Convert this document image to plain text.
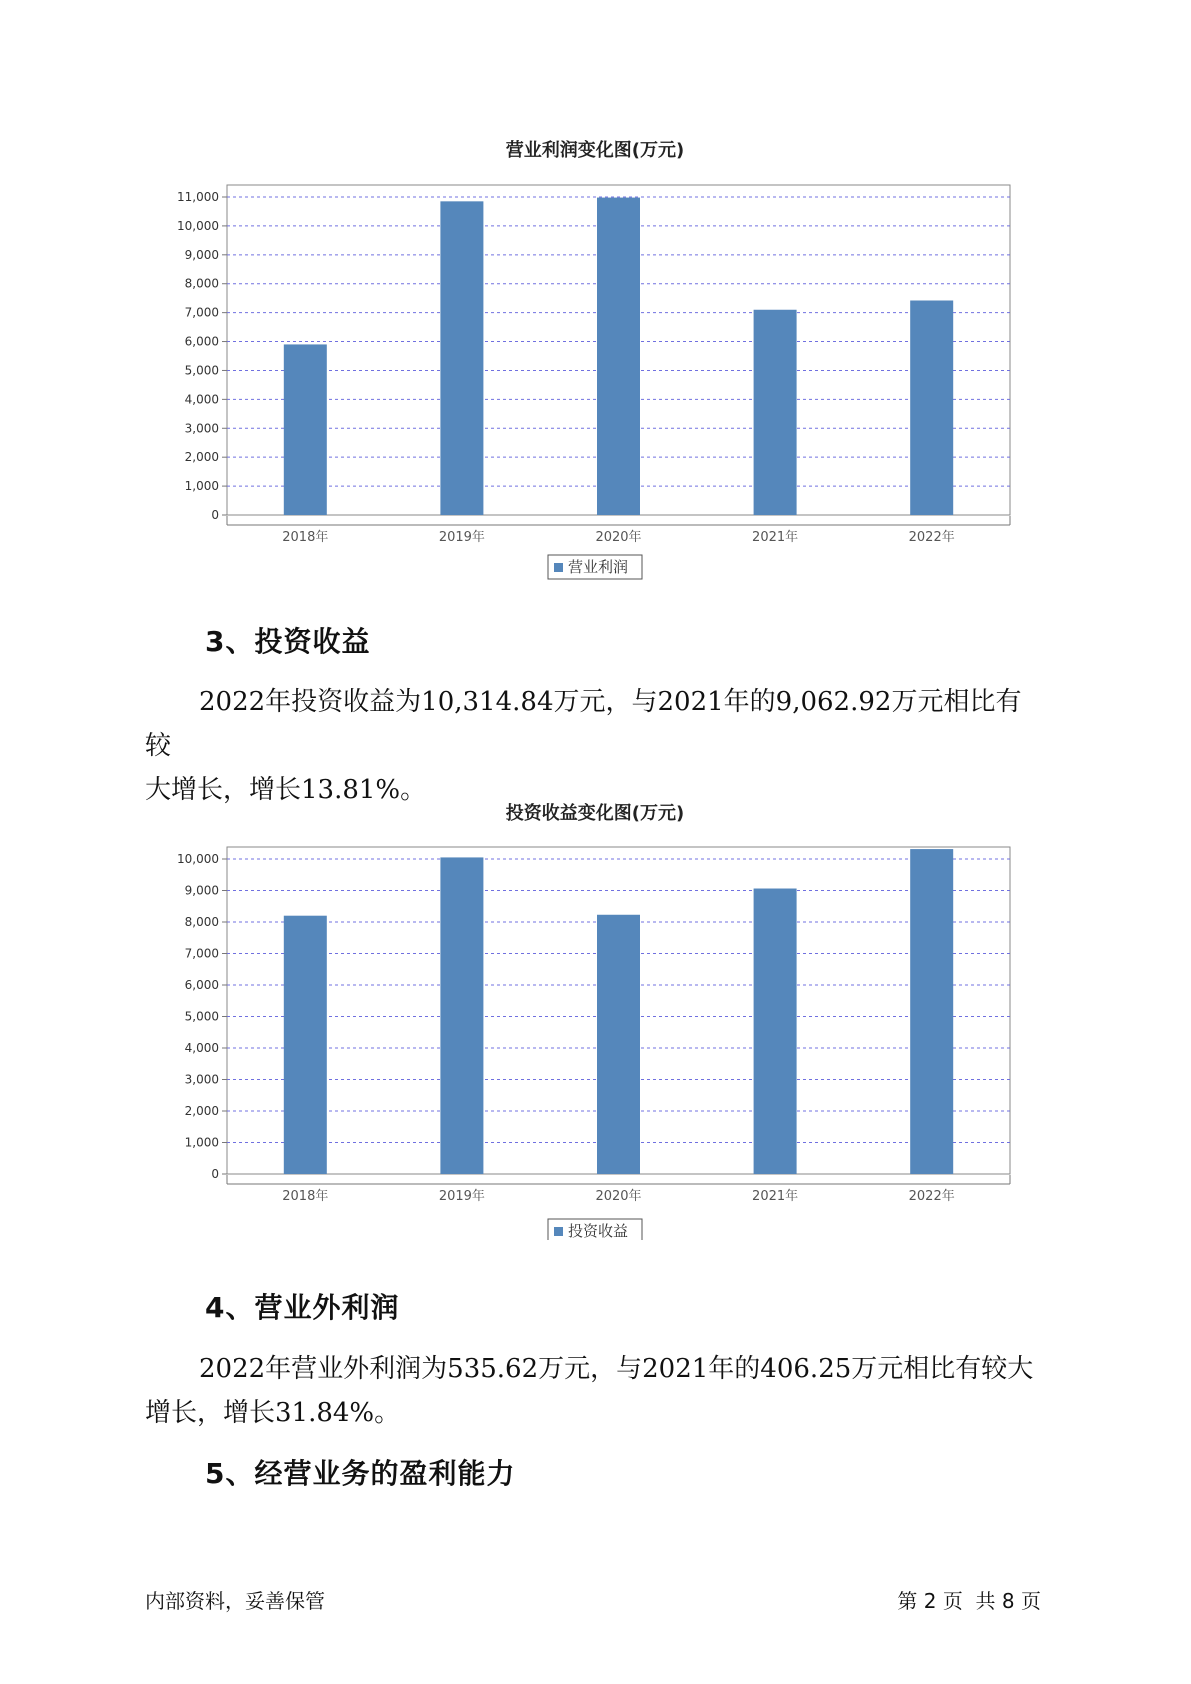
营业利润变化图(万元)
0
1,000
2,000
3,000
4,000
5,000
6,000
7,000
8,000
9,000
10,000
11,000
2018年	2019年	2020年	2021年	2022年
营业利润
3、投资收益

2022年投资收益为10,314.84万元，与2021年的9,062.92万元相比有较
大增长，增长13.81%。

投资收益变化图(万元)
0
1,000
2,000
3,000
4,000
5,000
6,000
7,000
8,000
9,000
10,000
2018年	2019年	2020年	2021年	2022年
投资收益
4、营业外利润

2022年营业外利润为535.62万元，与2021年的406.25万元相比有较大
增长，增长31.84%。

5、经营业务的盈利能力
内部资料，妥善保管	第 2 页  共 8 页
